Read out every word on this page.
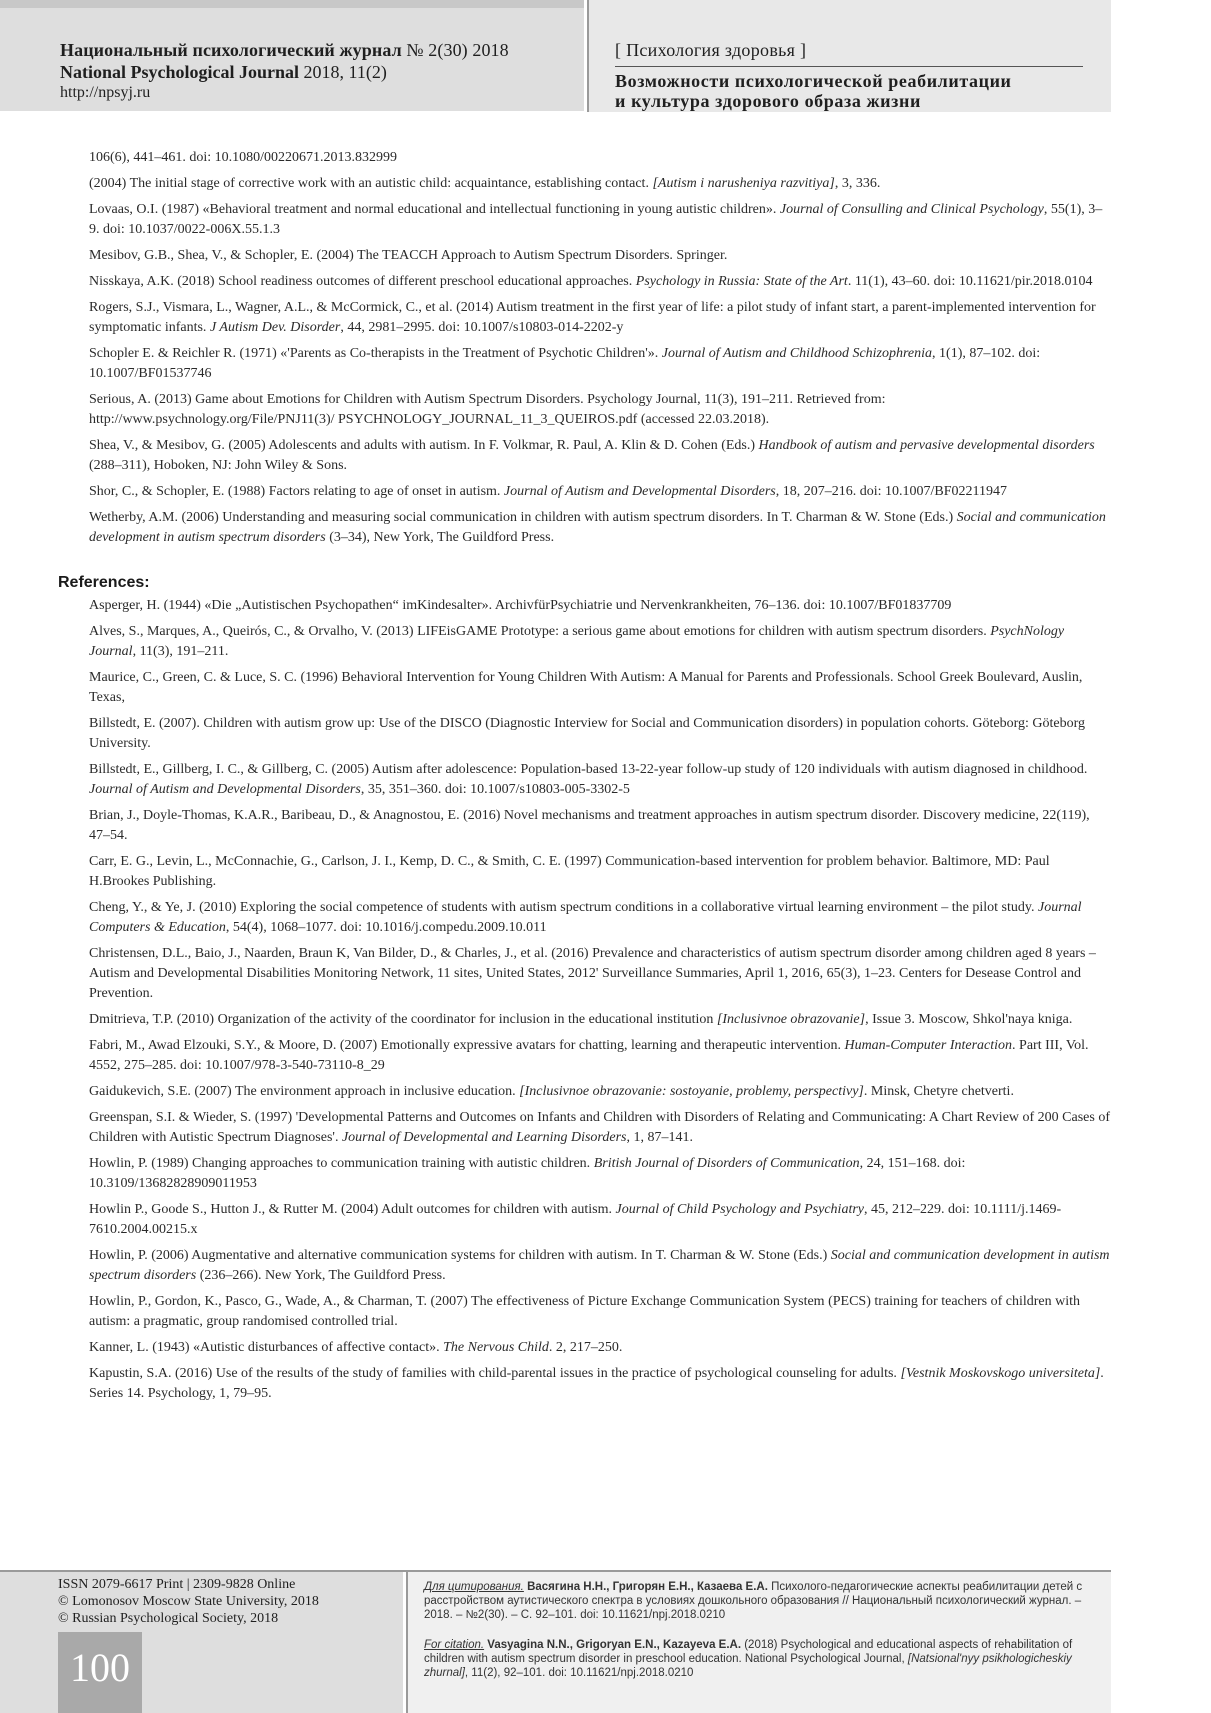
Национальный психологический журнал № 2(30) 2018
National Psychological Journal 2018, 11(2)
http://npsyj.ru
[ Психология здоровья ]
Возможности психологической реабилитации
и культура здорового образа жизни
106(6), 441–461. doi: 10.1080/00220671.2013.832999
(2004) The initial stage of corrective work with an autistic child: acquaintance, establishing contact. [Autism i narusheniya razvitiya], 3, 336.
Lovaas, O.I. (1987) «Behavioral treatment and normal educational and intellectual functioning in young autistic children». Journal of Consulling and Clinical Psychology, 55(1), 3–9. doi: 10.1037/0022-006X.55.1.3
Mesibov, G.B., Shea, V., & Schopler, E. (2004) The TEACCH Approach to Autism Spectrum Disorders. Springer.
Nisskaya, A.K. (2018) School readiness outcomes of different preschool educational approaches. Psychology in Russia: State of the Art. 11(1), 43–60. doi: 10.11621/pir.2018.0104
Rogers, S.J., Vismara, L., Wagner, A.L., & McCormick, C., et al. (2014) Autism treatment in the first year of life: a pilot study of infant start, a parent-implemented intervention for symptomatic infants. J Autism Dev. Disorder, 44, 2981–2995. doi: 10.1007/s10803-014-2202-y
Schopler E. & Reichler R. (1971) «'Parents as Co-therapists in the Treatment of Psychotic Children'». Journal of Autism and Childhood Schizophrenia, 1(1), 87–102. doi: 10.1007/BF01537746
Serious, A. (2013) Game about Emotions for Children with Autism Spectrum Disorders. Psychology Journal, 11(3), 191–211. Retrieved from: http://www.psychnology.org/File/PNJ11(3)/ PSYCHNOLOGY_JOURNAL_11_3_QUEIROS.pdf (accessed 22.03.2018).
Shea, V., & Mesibov, G. (2005) Adolescents and adults with autism. In F. Volkmar, R. Paul, A. Klin & D. Cohen (Eds.) Handbook of autism and pervasive developmental disorders (288–311), Hoboken, NJ: John Wiley & Sons.
Shor, C., & Schopler, E. (1988) Factors relating to age of onset in autism. Journal of Autism and Developmental Disorders, 18, 207–216. doi: 10.1007/BF02211947
Wetherby, A.M. (2006) Understanding and measuring social communication in children with autism spectrum disorders. In T. Charman & W. Stone (Eds.) Social and communication development in autism spectrum disorders (3–34), New York, The Guildford Press.
References:
Asperger, H. (1944) «Die „Autistischen Psychopathen“ imKindesalter». ArchivfürPsychiatrie und Nervenkrankheiten, 76–136. doi: 10.1007/BF01837709
Alves, S., Marques, A., Queirós, C., & Orvalho, V. (2013) LIFEisGAME Prototype: a serious game about emotions for children with autism spectrum disorders. PsychNology Journal, 11(3), 191–211.
Maurice, C., Green, C. & Luce, S. C. (1996) Behavioral Intervention for Young Children With Autism: A Manual for Parents and Professionals. School Greek Boulevard, Auslin, Texas,
Billstedt, E. (2007). Children with autism grow up: Use of the DISCO (Diagnostic Interview for Social and Communication disorders) in population cohorts. Göteborg: Göteborg University.
Billstedt, E., Gillberg, I. C., & Gillberg, C. (2005) Autism after adolescence: Population-based 13-22-year follow-up study of 120 individuals with autism diagnosed in childhood. Journal of Autism and Developmental Disorders, 35, 351–360. doi: 10.1007/s10803-005-3302-5
Brian, J., Doyle-Thomas, K.A.R., Baribeau, D., & Anagnostou, E. (2016) Novel mechanisms and treatment approaches in autism spectrum disorder. Discovery medicine, 22(119), 47–54.
Carr, E. G., Levin, L., McConnachie, G., Carlson, J. I., Kemp, D. C., & Smith, C. E. (1997) Communication-based intervention for problem behavior. Baltimore, MD: Paul H.Brookes Publishing.
Cheng, Y., & Ye, J. (2010) Exploring the social competence of students with autism spectrum conditions in a collaborative virtual learning environment – the pilot study. Journal Computers & Education, 54(4), 1068–1077. doi: 10.1016/j.compedu.2009.10.011
Christensen, D.L., Baio, J., Naarden, Braun K, Van Bilder, D., & Charles, J., et al. (2016) Prevalence and characteristics of autism spectrum disorder among children aged 8 years – Autism and Developmental Disabilities Monitoring Network, 11 sites, United States, 2012' Surveillance Summaries, April 1, 2016, 65(3), 1–23. Centers for Desease Control and Prevention.
Dmitrieva, T.P. (2010) Organization of the activity of the coordinator for inclusion in the educational institution [Inclusivnoe obrazovanie], Issue 3. Moscow, Shkol'naya kniga.
Fabri, M., Awad Elzouki, S.Y., & Moore, D. (2007) Emotionally expressive avatars for chatting, learning and therapeutic intervention. Human-Computer Interaction. Part III, Vol. 4552, 275–285. doi: 10.1007/978-3-540-73110-8_29
Gaidukevich, S.E. (2007) The environment approach in inclusive education. [Inclusivnoe obrazovanie: sostoyanie, problemy, perspectivy]. Minsk, Chetyre chetverti.
Greenspan, S.I. & Wieder, S. (1997) 'Developmental Patterns and Outcomes on Infants and Children with Disorders of Relating and Communicating: A Chart Review of 200 Cases of Children with Autistic Spectrum Diagnoses'. Journal of Developmental and Learning Disorders, 1, 87–141.
Howlin, P. (1989) Changing approaches to communication training with autistic children. British Journal of Disorders of Communication, 24, 151–168. doi: 10.3109/13682828909011953
Howlin P., Goode S., Hutton J., & Rutter M. (2004) Adult outcomes for children with autism. Journal of Child Psychology and Psychiatry, 45, 212–229. doi: 10.1111/j.1469-7610.2004.00215.x
Howlin, P. (2006) Augmentative and alternative communication systems for children with autism. In T. Charman & W. Stone (Eds.) Social and communication development in autism spectrum disorders (236–266). New York, The Guildford Press.
Howlin, P., Gordon, K., Pasco, G., Wade, A., & Charman, T. (2007) The effectiveness of Picture Exchange Communication System (PECS) training for teachers of children with autism: a pragmatic, group randomised controlled trial.
Kanner, L. (1943) «Autistic disturbances of affective contact». The Nervous Child. 2, 217–250.
Kapustin, S.A. (2016) Use of the results of the study of families with child-parental issues in the practice of psychological counseling for adults. [Vestnik Moskovskogo universiteta]. Series 14. Psychology, 1, 79–95.
ISSN 2079-6617 Print | 2309-9828 Online
© Lomonosov Moscow State University, 2018
© Russian Psychological Society, 2018
100
Для цитирования. Васягина Н.Н., Григорян Е.Н., Казаева Е.А. Психолого-педагогические аспекты реабилитации детей с расстройством аутистического спектра в условиях дошкольного образования // Национальный психологический журнал. – 2018. – №2(30). – С. 92–101. doi: 10.11621/npj.2018.0210
For citation. Vasyagina N.N., Grigoryan E.N., Kazayeva E.A. (2018) Psychological and educational aspects of rehabilitation of children with autism spectrum disorder in preschool education. National Psychological Journal, [Natsional'nyy psikhologicheskiy zhurnal], 11(2), 92–101. doi: 10.11621/npj.2018.0210
